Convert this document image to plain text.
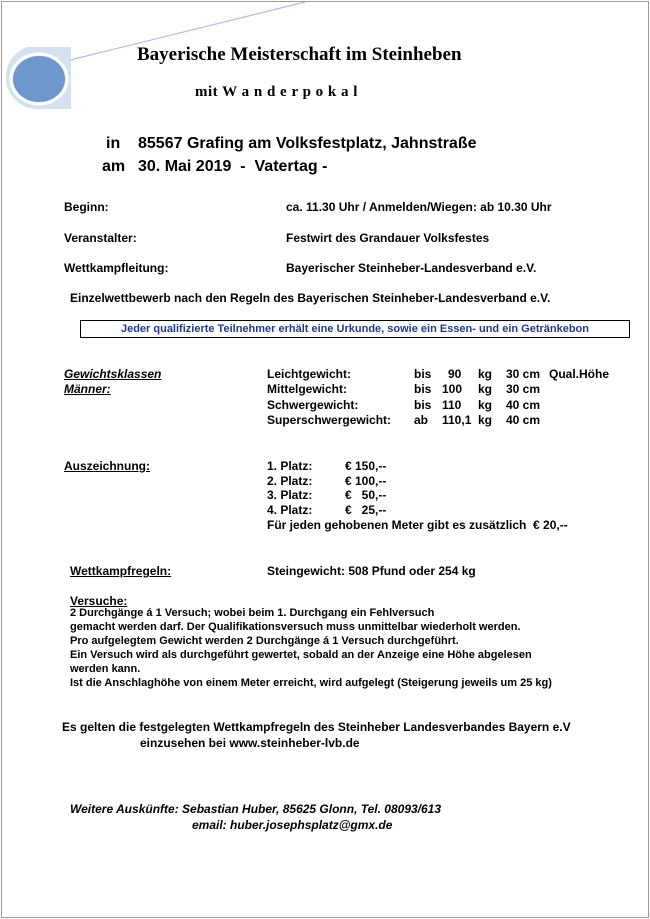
Bayerische Meisterschaft im Steinheben
mit W a n d e r p o k a l
in 85567 Grafing am Volksfestplatz, Jahnstraße
am 30. Mai 2019  -  Vatertag -
Beginn:	ca. 11.30 Uhr / Anmelden/Wiegen: ab 10.30 Uhr
Veranstalter:	Festwirt des Grandauer Volksfestes
Wettkampfleitung:	Bayerischer Steinheber-Landesverband e.V.
Einzelwettbewerb nach den Regeln des Bayerischen Steinheber-Landesverband e.V.
Jeder qualifizierte Teilnehmer erhält eine Urkunde, sowie ein Essen- und ein Getränkebon
Gewichtsklassen
Männer:
Leichtgewicht:	bis 90 kg 30 cm Qual.Höhe
Mittelgewicht:	bis 100 kg 30 cm
Schwergewicht:	bis 110 kg 40 cm
Superschwergewicht: ab 110,1 kg 40 cm
Auszeichnung:	1. Platz:	€ 150,--
2. Platz:	€ 100,--
3. Platz:	€   50,--
4. Platz:	€   25,--
Für jeden gehobenen Meter gibt es zusätzlich  € 20,--
Wettkampfregeln:	Steingewicht: 508 Pfund oder 254 kg
Versuche:
2 Durchgänge á 1 Versuch; wobei beim 1. Durchgang ein Fehlversuch
gemacht werden darf. Der Qualifikationsversuch muss unmittelbar wiederholt werden.
Pro aufgelegtem Gewicht werden 2 Durchgänge á 1 Versuch durchgeführt.
Ein Versuch wird als durchgeführt gewertet, sobald an der Anzeige eine Höhe abgelesen
werden kann.
Ist die Anschlaghöhe von einem Meter erreicht, wird aufgelegt (Steigerung jeweils um 25 kg)
Es gelten die festgelegten Wettkampfregeln des Steinheber Landesverbandes Bayern e.V
einzusehen bei www.steinheber-lvb.de
Weitere Auskünfte: Sebastian Huber, 85625 Glonn, Tel. 08093/613
email: huber.josephsplatz@gmx.de
